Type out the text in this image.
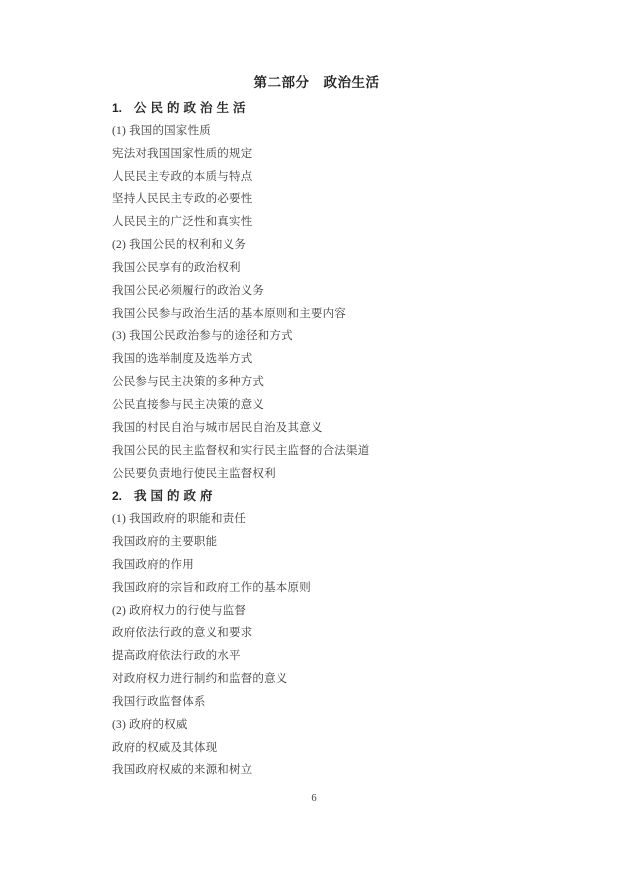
第二部分　政治生活
1. 公民的政治生活
(1) 我国的国家性质
宪法对我国国家性质的规定
人民民主专政的本质与特点
坚持人民民主专政的必要性
人民民主的广泛性和真实性
(2) 我国公民的权利和义务
我国公民享有的政治权利
我国公民必须履行的政治义务
我国公民参与政治生活的基本原则和主要内容
(3) 我国公民政治参与的途径和方式
我国的选举制度及选举方式
公民参与民主决策的多种方式
公民直接参与民主决策的意义
我国的村民自治与城市居民自治及其意义
我国公民的民主监督权和实行民主监督的合法渠道
公民要负责地行使民主监督权利
2. 我国的政府
(1) 我国政府的职能和责任
我国政府的主要职能
我国政府的作用
我国政府的宗旨和政府工作的基本原则
(2) 政府权力的行使与监督
政府依法行政的意义和要求
提高政府依法行政的水平
对政府权力进行制约和监督的意义
我国行政监督体系
(3) 政府的权威
政府的权威及其体现
我国政府权威的来源和树立
6
